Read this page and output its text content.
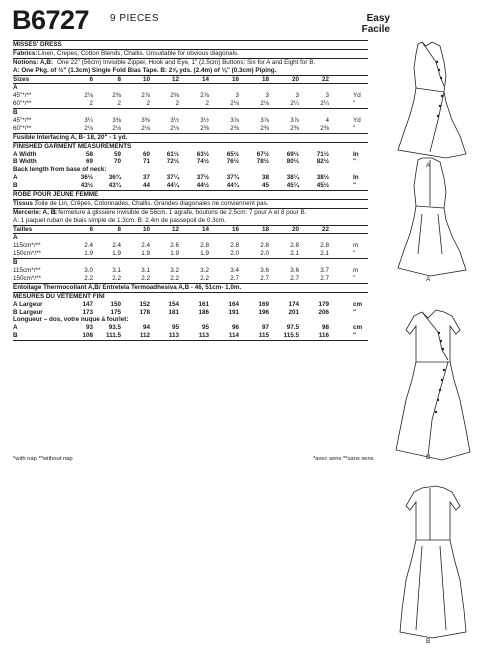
B6727 9 PIECES	Easy
Facile
MISSES' DRESS
Fabrics: Linen, Crepes, Cotton Blends, Challis. Unsuitable for obvious diagonals.
Notions: A,B: One 22" (56cm) Invisible Zipper, Hook and Eye, 1" (2.5cm) Buttons: Six for A and Eight for B.
A: One Pkg. of ½" (1.3cm) Single Fold Bias Tape. B: 2⅝ yds. (2.4m) of ⅛" (0.3cm) Piping.
Sizes	6	8	10	12	14	16	18	20	22
A
45"*/**	2⅛	2⅜	2⅞	2⅝	2⅞	3	3	3	3	Yd
60"*/**	2	2	2	2	2	2⅛	2⅛	2¼	2¼	"
B
45"*/**	3¼	3⅜	3⅜	3½	3½	3⅞	3⅞	3⅞	4	Yd
60"*/**	2⅛	2⅛	2⅛	2⅛	2⅜	2⅜	2⅜	2⅜	2⅜	"
Fusible Interfacing A, B- 18, 20" - 1 yd.
FINISHED GARMENT MEASUREMENTS
A Width	58	59	60	61½	63½	65½	67½	69½	71½	In
B Width	69	70	71	72½	74½	76½	78½	80½	82½	"
Back length from base of neck:
A	36½	36¾	37	37¼	37½	37¾	38	38¼	38½	In
B	43½	43¾	44	44¼	44½	44¾	45	45¼	45½	"
ROBE POUR JEUNE FEMME
Tissus :
Toile de Lin, Crêpes, Cotonnades, Challis. Grandes diagonales ne conviennent pas.
Mercerie: A, B:
1 fermeture à glissière invisible de 56cm, 1 agrafe, boutons de 2.5cm: 7 pour A et 8 pour B.
A: 1 paquet ruban de biais simple de 1.3cm. B: 2.4m de passepoil de 0.3cm.
Tailles	6	8	10	12	14	16	18	20	22
A
115cm*/**	2.4	2.4	2.4	2.6	2.8	2.8	2.8	2.8	2.8	m
150cm*/**	1.9	1.9	1.9	1.9	1.9	2.0	2.0	2.1	2.1	"
B
115cm*/**	3.0	3.1	3.1	3.2	3.2	3.4	3.6	3.6	3.7	m
150cm*/**	2.2	2.2	2.2	2.2	2.2	2.7	2.7	2.7	2.7	"
Entoilage Thermocollant A,B/ Entretela Termoadhesiva A,B - 46, 51cm- 1.0m.
MESURES DU VÊTEMENT FINI
A Largeur	147	150	152	154	161	164	169	174	179	cm
B Largeur	173	175	178	181	186	191	196	201	206	"
Longueur – dos, votre nuque à fourlet:
A	93	93.5	94	95	95	96	97	97.5	98	cm
B	108	111.5	112	113	113	114	115	115.5	116	"
*with nap **without nap	*avec sens **sans sens
A
A
B
B
